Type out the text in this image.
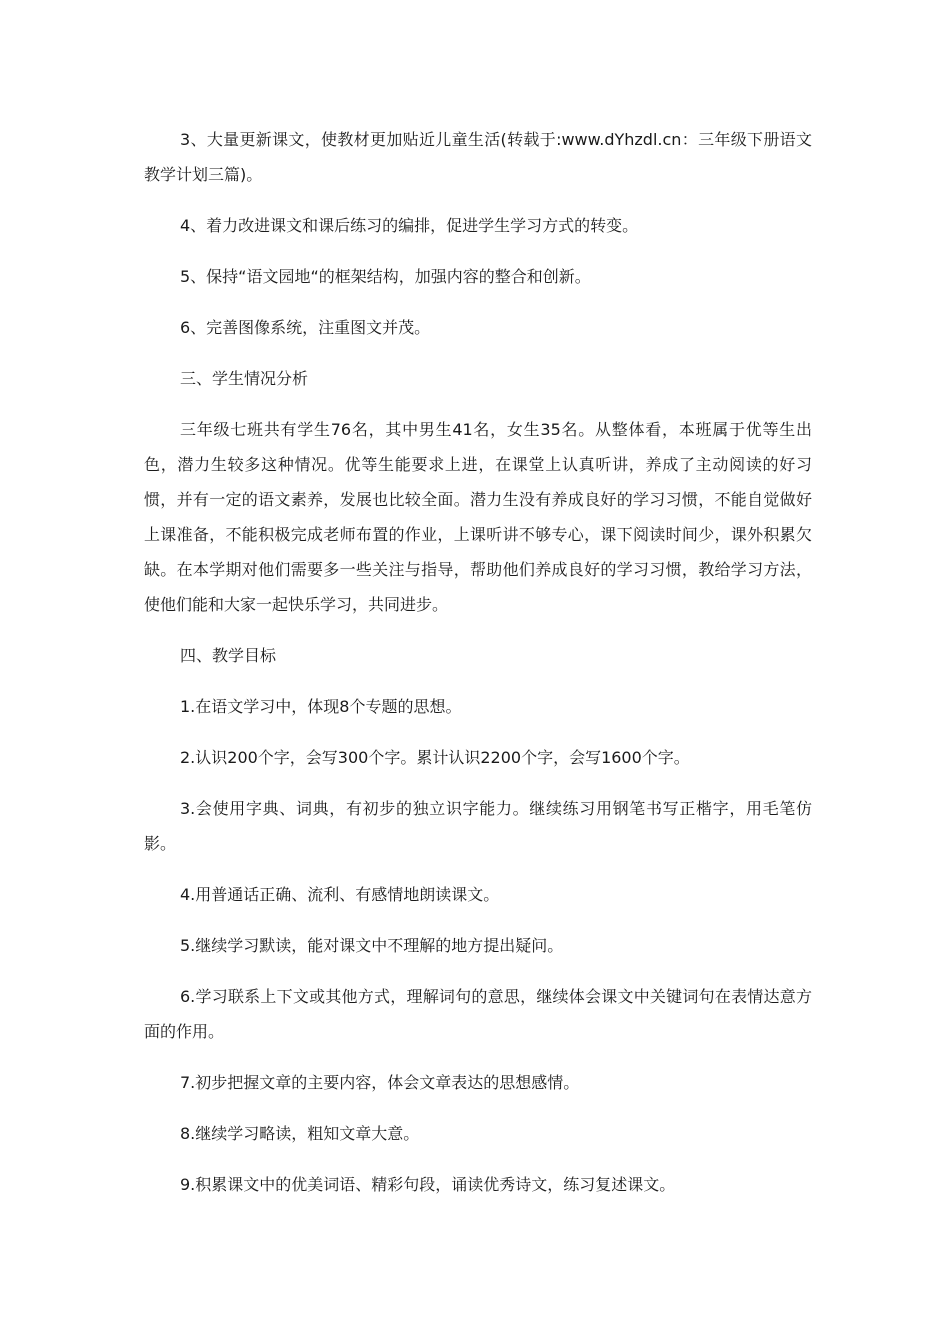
3、大量更新课文，使教材更加贴近儿童生活(转载于:www.dYhzdl.cn：三年级下册语文教学计划三篇)。

4、着力改进课文和课后练习的编排，促进学生学习方式的转变。

5、保持“语文园地“的框架结构，加强内容的整合和创新。

6、完善图像系统，注重图文并茂。

三、学生情况分析

三年级七班共有学生76名，其中男生41名，女生35名。从整体看，本班属于优等生出色，潜力生较多这种情况。优等生能要求上进，在课堂上认真听讲，养成了主动阅读的好习惯，并有一定的语文素养，发展也比较全面。潜力生没有养成良好的学习习惯，不能自觉做好上课准备，不能积极完成老师布置的作业，上课听讲不够专心，课下阅读时间少，课外积累欠缺。在本学期对他们需要多一些关注与指导，帮助他们养成良好的学习习惯，教给学习方法，使他们能和大家一起快乐学习，共同进步。

四、教学目标

1.在语文学习中，体现8个专题的思想。

2.认识200个字，会写300个字。累计认识2200个字，会写1600个字。

3.会使用字典、词典，有初步的独立识字能力。继续练习用钢笔书写正楷字，用毛笔仿影。

4.用普通话正确、流利、有感情地朗读课文。

5.继续学习默读，能对课文中不理解的地方提出疑问。

6.学习联系上下文或其他方式，理解词句的意思，继续体会课文中关键词句在表情达意方面的作用。

7.初步把握文章的主要内容，体会文章表达的思想感情。

8.继续学习略读，粗知文章大意。

9.积累课文中的优美词语、精彩句段，诵读优秀诗文，练习复述课文。
